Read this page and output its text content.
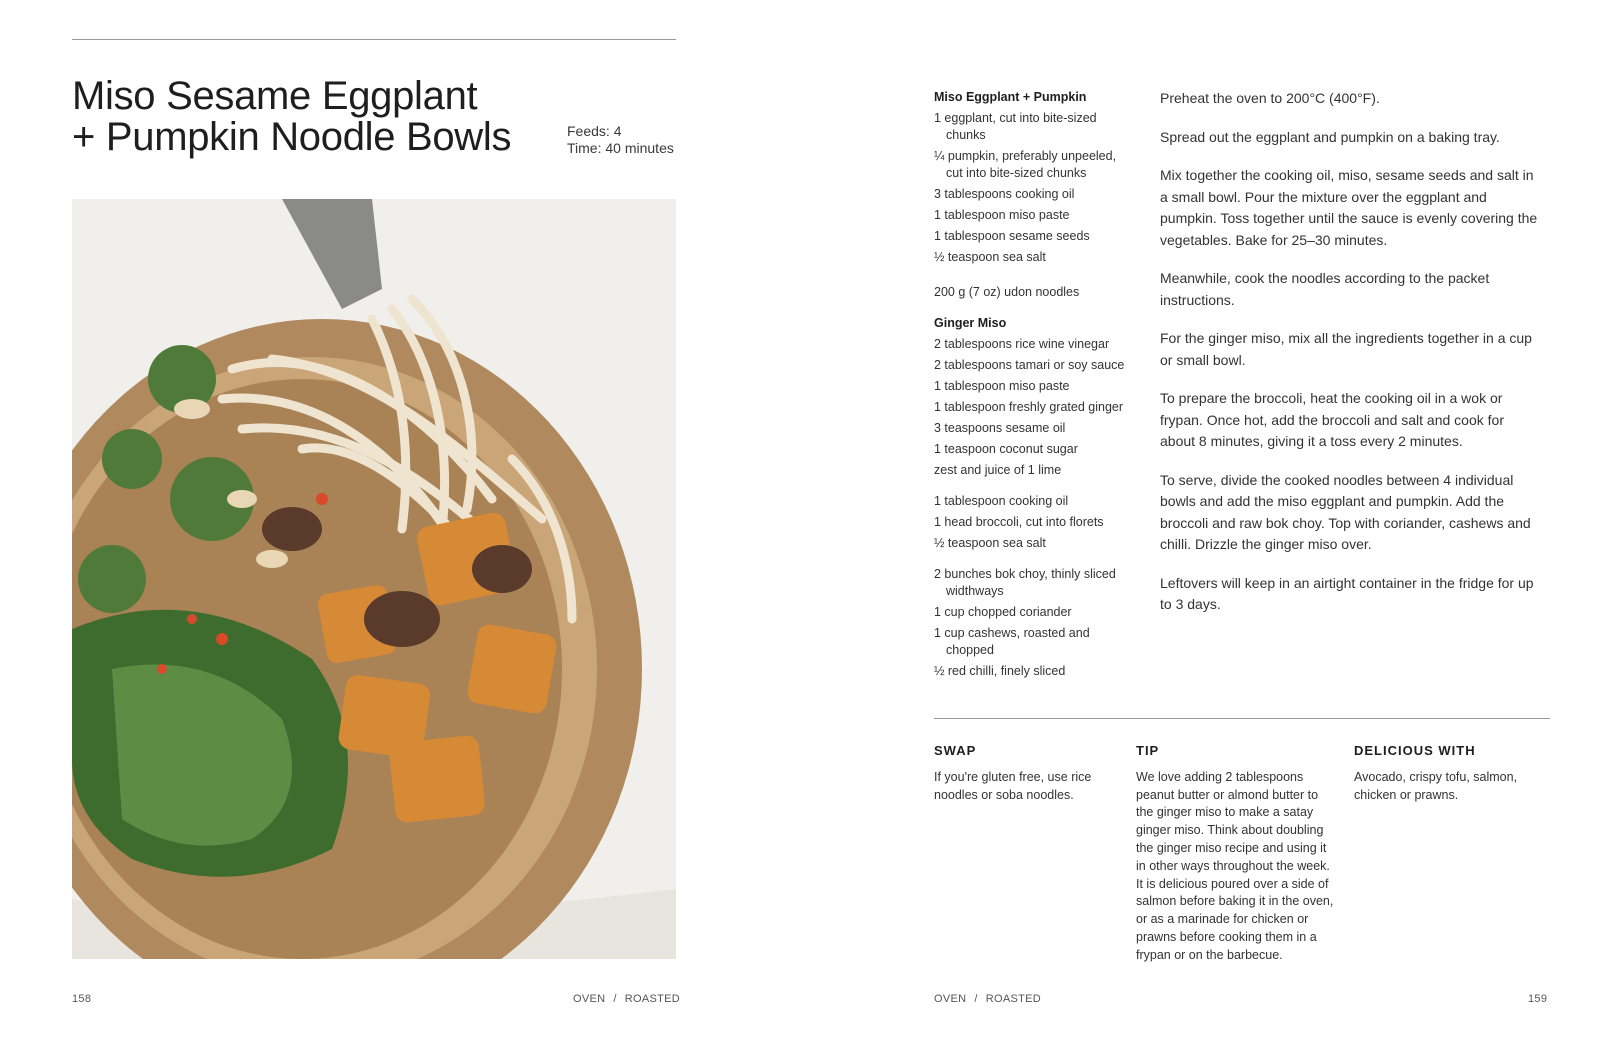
Miso Sesame Eggplant
+ Pumpkin Noodle Bowls	Feeds: 4
Time: 40 minutes
158	OVEN / ROASTED
Miso Eggplant + Pumpkin
1 eggplant, cut into bite-sized chunks
¼ pumpkin, preferably unpeeled, cut into bite-sized chunks
3 tablespoons cooking oil
1 tablespoon miso paste
1 tablespoon sesame seeds
½ teaspoon sea salt
200 g (7 oz) udon noodles
Ginger Miso
2 tablespoons rice wine vinegar
2 tablespoons tamari or soy sauce
1 tablespoon miso paste
1 tablespoon freshly grated ginger
3 teaspoons sesame oil
1 teaspoon coconut sugar
zest and juice of 1 lime
1 tablespoon cooking oil
1 head broccoli, cut into florets
½ teaspoon sea salt
2 bunches bok choy, thinly sliced widthways
1 cup chopped coriander
1 cup cashews, roasted and chopped
½ red chilli, finely sliced

Preheat the oven to 200°C (400°F).

Spread out the eggplant and pumpkin on a baking tray.

Mix together the cooking oil, miso, sesame seeds and salt in a small bowl. Pour the mixture over the eggplant and pumpkin. Toss together until the sauce is evenly covering the vegetables. Bake for 25–30 minutes.

Meanwhile, cook the noodles according to the packet instructions.

For the ginger miso, mix all the ingredients together in a cup or small bowl.

To prepare the broccoli, heat the cooking oil in a wok or frypan. Once hot, add the broccoli and salt and cook for about 8 minutes, giving it a toss every 2 minutes.

To serve, divide the cooked noodles between 4 individual bowls and add the miso eggplant and pumpkin. Add the broccoli and raw bok choy. Top with coriander, cashews and chilli. Drizzle the ginger miso over.

Leftovers will keep in an airtight container in the fridge for up to 3 days.

SWAP
If you're gluten free, use rice noodles or soba noodles.
TIP
We love adding 2 tablespoons peanut butter or almond butter to the ginger miso to make a satay ginger miso. Think about doubling the ginger miso recipe and using it in other ways throughout the week. It is delicious poured over a side of salmon before baking it in the oven, or as a marinade for chicken or prawns before cooking them in a frypan or on the barbecue.
DELICIOUS WITH
Avocado, crispy tofu, salmon, chicken or prawns.
OVEN / ROASTED	159
